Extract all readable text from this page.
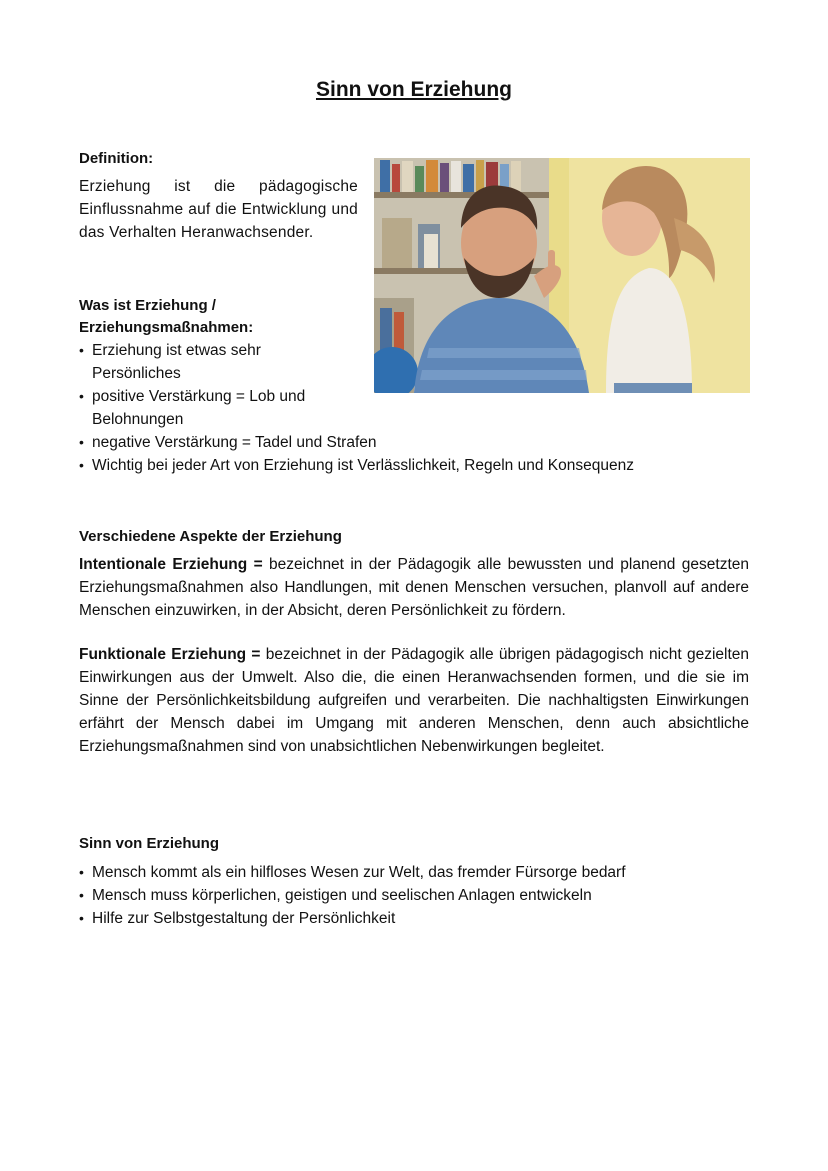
Sinn von Erziehung
Definition:

Erziehung ist die pädagogische Einflussnahme auf die Entwicklung und das Verhalten Heranwachsender.

Was ist Erziehung /
Erziehungsmaßnahmen:
• Erziehung ist etwas sehr Persönliches
• positive Verstärkung = Lob und Belohnungen
• negative Verstärkung = Tadel und Strafen
• Wichtig bei jeder Art von Erziehung ist Verlässlichkeit, Regeln und Konsequenz
Verschiedene Aspekte der Erziehung

Intentionale Erziehung = bezeichnet in der Pädagogik alle bewussten und planend gesetzten Erziehungsmaßnahmen also Handlungen, mit denen Menschen versuchen, planvoll auf andere Menschen einzuwirken, in der Absicht, deren Persönlichkeit zu fördern.

Funktionale Erziehung = bezeichnet in der Pädagogik alle übrigen pädagogisch nicht gezielten Einwirkungen aus der Umwelt. Also die, die einen Heranwachsenden formen, und die sie im Sinne der Persönlichkeitsbildung aufgreifen und verarbeiten. Die nachhaltigsten Einwirkungen erfährt der Mensch dabei im Umgang mit anderen Menschen, denn auch absichtliche Erziehungsmaßnahmen sind von unabsichtlichen Nebenwirkungen begleitet.

Sinn von Erziehung
• Mensch kommt als ein hilfloses Wesen zur Welt, das fremder Fürsorge bedarf
• Mensch muss körperlichen, geistigen und seelischen Anlagen entwickeln
• Hilfe zur Selbstgestaltung der Persönlichkeit
